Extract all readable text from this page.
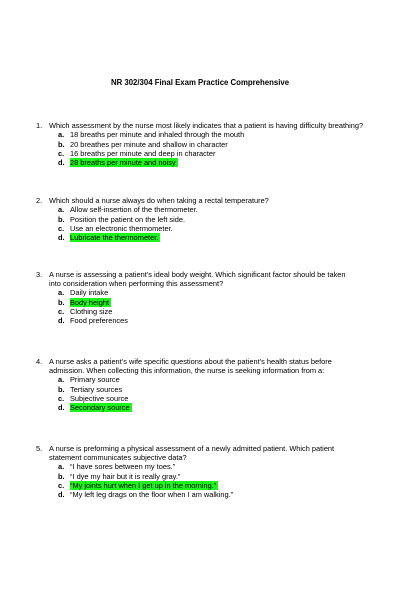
NR 302/304 Final Exam Practice Comprehensive
1. Which assessment by the nurse most likely indicates that a patient is having difficulty breathing?
a. 18 breaths per minute and inhaled through the mouth
b. 20 breathes per minute and shallow in character
c. 16 breaths per minute and deep in character
d. 28 breaths per minute and noisy
2. Which should a nurse always do when taking a rectal temperature?
a. Allow self-insertion of the thermometer.
b. Position the patient on the left side.
c. Use an electronic thermometer.
d. Lubricate the thermometer.
3. A nurse is assessing a patient’s ideal body weight. Which significant factor should be taken into consideration when performing this assessment?
a. Daily intake
b. Body height
c. Clothing size
d. Food preferences
4. A nurse asks a patient’s wife specific questions about the patient’s health status before admission. When collecting this information, the nurse is seeking information from a:
a. Primary source
b. Tertiary sources
c. Subjective source
d. Secondary source
5. A nurse is preforming a physical assessment of a newly admitted patient. Which patient statement communicates subjective data?
a. “I have sores between my toes.”
b. “I dye my hair but it is really gray.”
c. “My joints hurt when I get up in the morning.”
d. “My left leg drags on the floor when I am walking.”
